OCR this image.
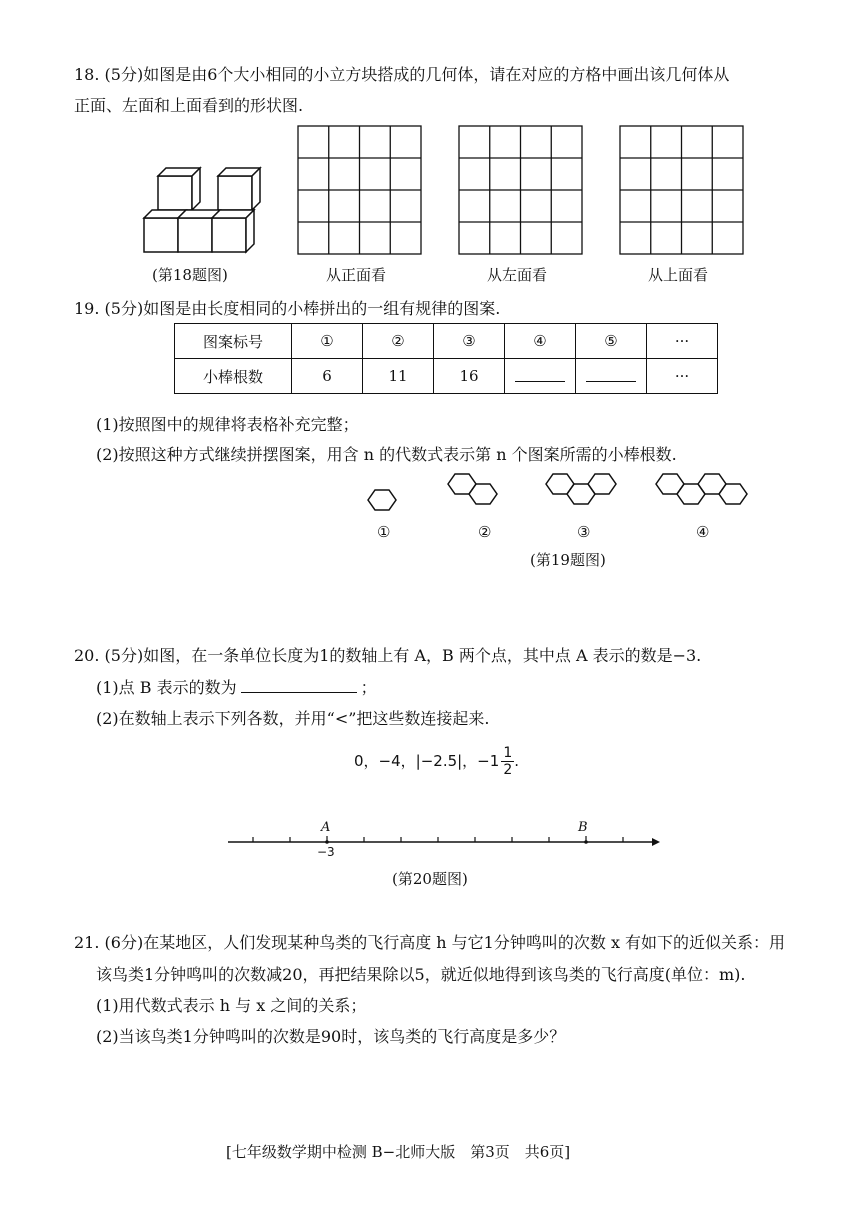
18. (5分)如图是由6个大小相同的小立方块搭成的几何体，请在对应的方格中画出该几何体从
正面、左面和上面看到的形状图.
(第18题图)	从正面看	从左面看	从上面看
19. (5分)如图是由长度相同的小棒拼出的一组有规律的图案.
图案标号	①	②	③	④	⑤	···
小棒根数	6	11	16			···
(1)按照图中的规律将表格补充完整；
(2)按照这种方式继续拼摆图案，用含 n 的代数式表示第 n 个图案所需的小棒根数.
①	②	③	④
(第19题图)
20. (5分)如图，在一条单位长度为1的数轴上有 A，B 两个点，其中点 A 表示的数是−3.
(1)点 B 表示的数为	；
(2)在数轴上表示下列各数，并用“<”把这些数连接起来.
0，−4，|−2.5|，$-1 \frac{1}{2}$ .
A	B
−3
(第20题图)
21. (6分)在某地区，人们发现某种鸟类的飞行高度 h 与它1分钟鸣叫的次数 x 有如下的近似关系：用
该鸟类1分钟鸣叫的次数减20，再把结果除以5，就近似地得到该鸟类的飞行高度(单位：m).
(1)用代数式表示 h 与 x 之间的关系；
(2)当该鸟类1分钟鸣叫的次数是90时，该鸟类的飞行高度是多少？
[七年级数学期中检测 B−北师大版　第3页　共6页]
